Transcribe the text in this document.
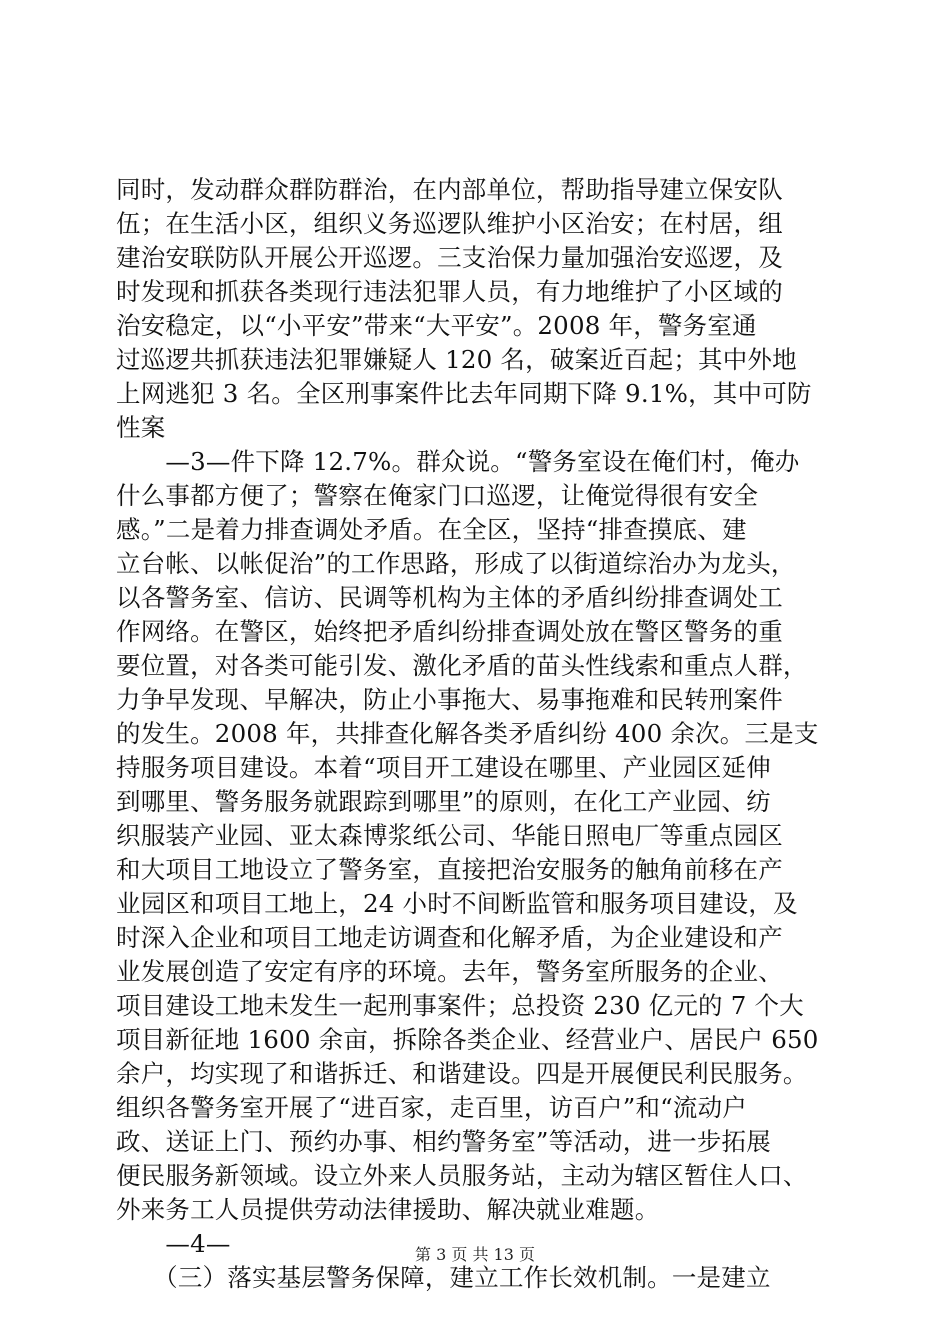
同时，发动群众群防群治，在内部单位，帮助指导建立保安队
伍；在生活小区，组织义务巡逻队维护小区治安；在村居，组
建治安联防队开展公开巡逻。三支治保力量加强治安巡逻，及
时发现和抓获各类现行违法犯罪人员，有力地维护了小区域的
治安稳定，以“小平安”带来“大平安”。2008 年，警务室通
过巡逻共抓获违法犯罪嫌疑人 120 名，破案近百起；其中外地
上网逃犯 3 名。全区刑事案件比去年同期下降 9.1%，其中可防
性案
　　—3—件下降 12.7%。群众说。“警务室设在俺们村，俺办
什么事都方便了；警察在俺家门口巡逻，让俺觉得很有安全
感。”二是着力排查调处矛盾。在全区，坚持“排查摸底、建
立台帐、以帐促治”的工作思路，形成了以街道综治办为龙头，
以各警务室、信访、民调等机构为主体的矛盾纠纷排查调处工
作网络。在警区，始终把矛盾纠纷排查调处放在警区警务的重
要位置，对各类可能引发、激化矛盾的苗头性线索和重点人群，
力争早发现、早解决，防止小事拖大、易事拖难和民转刑案件
的发生。2008 年，共排查化解各类矛盾纠纷 400 余次。三是支
持服务项目建设。本着“项目开工建设在哪里、产业园区延伸
到哪里、警务服务就跟踪到哪里”的原则，在化工产业园、纺
织服装产业园、亚太森博浆纸公司、华能日照电厂等重点园区
和大项目工地设立了警务室，直接把治安服务的触角前移在产
业园区和项目工地上，24 小时不间断监管和服务项目建设，及
时深入企业和项目工地走访调查和化解矛盾，为企业建设和产
业发展创造了安定有序的环境。去年，警务室所服务的企业、
项目建设工地未发生一起刑事案件；总投资 230 亿元的 7 个大
项目新征地 1600 余亩，拆除各类企业、经营业户、居民户 650
余户，均实现了和谐拆迁、和谐建设。四是开展便民利民服务。
组织各警务室开展了“进百家，走百里，访百户”和“流动户
政、送证上门、预约办事、相约警务室”等活动，进一步拓展
便民服务新领域。设立外来人员服务站，主动为辖区暂住人口、
外来务工人员提供劳动法律援助、解决就业难题。
　　—4—
　　（三）落实基层警务保障，建立工作长效机制。一是建立
第 3 页 共 13 页
